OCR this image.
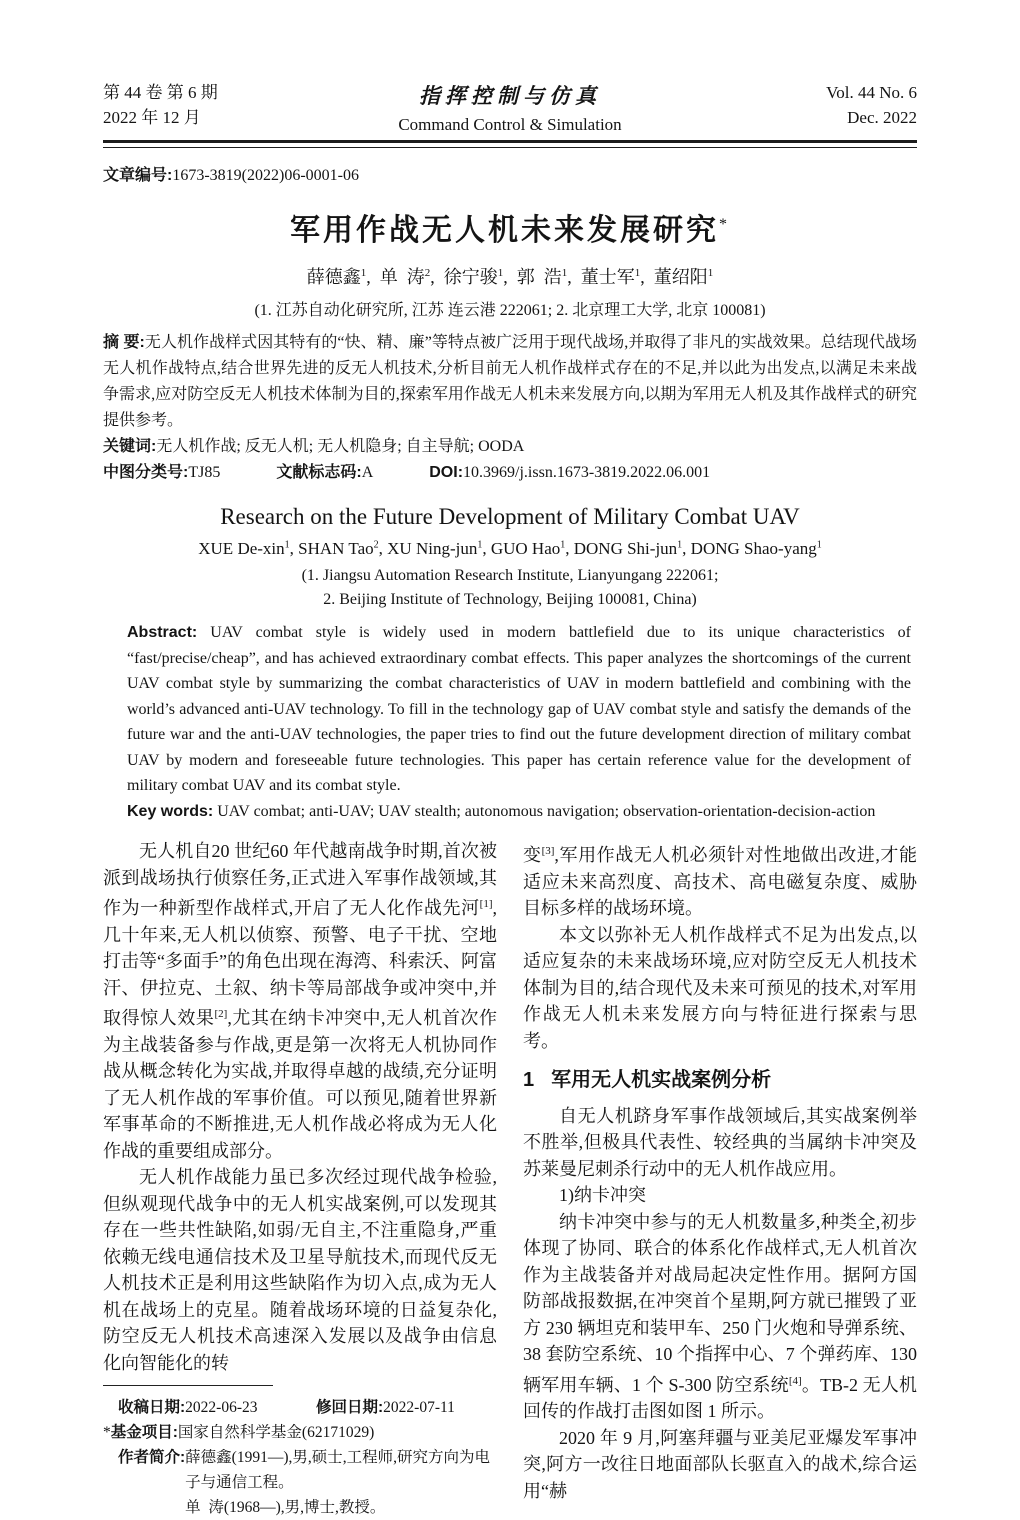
第 44 卷 第 6 期
2022 年 12 月
指挥控制与仿真
Command Control & Simulation
Vol. 44 No. 6
Dec. 2022
文章编号:1673-3819(2022)06-0001-06
军用作战无人机未来发展研究*
薛德鑫$^1$,  单  涛$^2$,  徐宁骏$^1$,  郭  浩$^1$,  董士军$^1$,  董绍阳$^1$
(1. 江苏自动化研究所, 江苏 连云港 222061; 2. 北京理工大学, 北京 100081)
摘 要:无人机作战样式因其特有的“快、精、廉”等特点被广泛用于现代战场,并取得了非凡的实战效果。总结现代战场无人机作战特点,结合世界先进的反无人机技术,分析目前无人机作战样式存在的不足,并以此为出发点,以满足未来战争需求,应对防空反无人机技术体制为目的,探索军用作战无人机未来发展方向,以期为军用无人机及其作战样式的研究提供参考。
关键词:无人机作战; 反无人机; 无人机隐身; 自主导航; OODA
中图分类号:TJ85	文献标志码:A	DOI:10.3969/j.issn.1673-3819.2022.06.001
Research on the Future Development of Military Combat UAV
XUE De-xin$^1$, SHAN Tao$^2$, XU Ning-jun$^1$, GUO Hao$^1$, DONG Shi-jun$^1$, DONG Shao-yang$^1$
(1. Jiangsu Automation Research Institute, Lianyungang 222061;
2. Beijing Institute of Technology, Beijing 100081, China)
Abstract: UAV combat style is widely used in modern battlefield due to its unique characteristics of “fast/precise/cheap”, and has achieved extraordinary combat effects. This paper analyzes the shortcomings of the current UAV combat style by summarizing the combat characteristics of UAV in modern battlefield and combining with the world’s advanced anti-UAV technology. To fill in the technology gap of UAV combat style and satisfy the demands of the future war and the anti-UAV technologies, the paper tries to find out the future development direction of military combat UAV by modern and foreseeable future technologies. This paper has certain reference value for the development of military combat UAV and its combat style.
Key words: UAV combat; anti-UAV; UAV stealth; autonomous navigation; observation-orientation-decision-action

无人机自20 世纪60 年代越南战争时期,首次被派到战场执行侦察任务,正式进入军事作战领域,其作为一种新型作战样式,开启了无人化作战先河[1],几十年来,无人机以侦察、预警、电子干扰、空地打击等“多面手”的角色出现在海湾、科索沃、阿富汗、伊拉克、土叙、纳卡等局部战争或冲突中,并取得惊人效果[2],尤其在纳卡冲突中,无人机首次作为主战装备参与作战,更是第一次将无人机协同作战从概念转化为实战,并取得卓越的战绩,充分证明了无人机作战的军事价值。可以预见,随着世界新军事革命的不断推进,无人机作战必将成为无人化作战的重要组成部分。

无人机作战能力虽已多次经过现代战争检验,但纵观现代战争中的无人机实战案例,可以发现其存在一些共性缺陷,如弱/无自主,不注重隐身,严重依赖无线电通信技术及卫星导航技术,而现代反无人机技术正是利用这些缺陷作为切入点,成为无人机在战场上的克星。随着战场环境的日益复杂化,防空反无人机技术高速深入发展以及战争由信息化向智能化的转

收稿日期:2022-06-23	修回日期:2022-07-11
*基金项目:国家自然科学基金(62171029)
作者简介: 薛德鑫(1991—),男,硕士,工程师,研究方向为电子与通信工程。

单  涛(1968—),男,博士,教授。

变[3],军用作战无人机必须针对性地做出改进,才能适应未来高烈度、高技术、高电磁复杂度、威胁目标多样的战场环境。

本文以弥补无人机作战样式不足为出发点,以适应复杂的未来战场环境,应对防空反无人机技术体制为目的,结合现代及未来可预见的技术,对军用作战无人机未来发展方向与特征进行探索与思考。

1 军用无人机实战案例分析

自无人机跻身军事作战领域后,其实战案例举不胜举,但极具代表性、较经典的当属纳卡冲突及苏莱曼尼刺杀行动中的无人机作战应用。

1)纳卡冲突

纳卡冲突中参与的无人机数量多,种类全,初步体现了协同、联合的体系化作战样式,无人机首次作为主战装备并对战局起决定性作用。据阿方国防部战报数据,在冲突首个星期,阿方就已摧毁了亚方 230 辆坦克和装甲车、250 门火炮和导弹系统、38 套防空系统、10 个指挥中心、7 个弹药库、130 辆军用车辆、1 个 S-300 防空系统[4]。TB-2 无人机回传的作战打击图如图 1 所示。

2020 年 9 月,阿塞拜疆与亚美尼亚爆发军事冲突,阿方一改往日地面部队长驱直入的战术,综合运用“赫
